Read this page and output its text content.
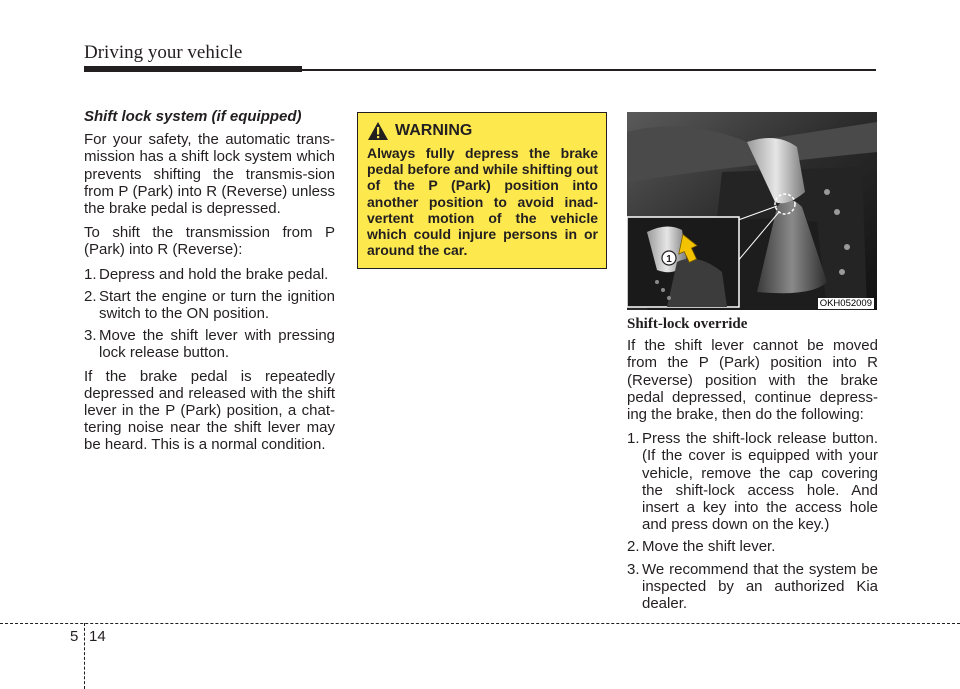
Driving your vehicle

Shift lock system (if equipped)

For your safety, the automatic trans-mission has a shift lock system which prevents shifting the transmis-sion from P (Park) into R (Reverse) unless the brake pedal is depressed.

To shift the transmission from P (Park) into R (Reverse):

1. Depress and hold the brake pedal.
2. Start the engine or turn the ignition switch to the ON position.
3. Move the shift lever with pressing lock release button.

If the brake pedal is repeatedly depressed and released with the shift lever in the P (Park) position, a chat-tering noise near the shift lever may be heard. This is a normal condition.

WARNING

Always fully depress the brake pedal before and while shifting out of the P (Park) position into another position to avoid inad-vertent motion of the vehicle which could injure persons in or around the car.

1
OKH052009

Shift-lock override

If the shift lever cannot be moved from the P (Park) position into R (Reverse) position with the brake pedal depressed, continue depress-ing the brake, then do the following:

1. Press the shift-lock release button. (If the cover is equipped with your vehicle, remove the cap covering the shift-lock access hole. And insert a key into the access hole and press down on the key.)
2. Move the shift lever.
3. We recommend that the system be inspected by an authorized Kia dealer.
5 14
